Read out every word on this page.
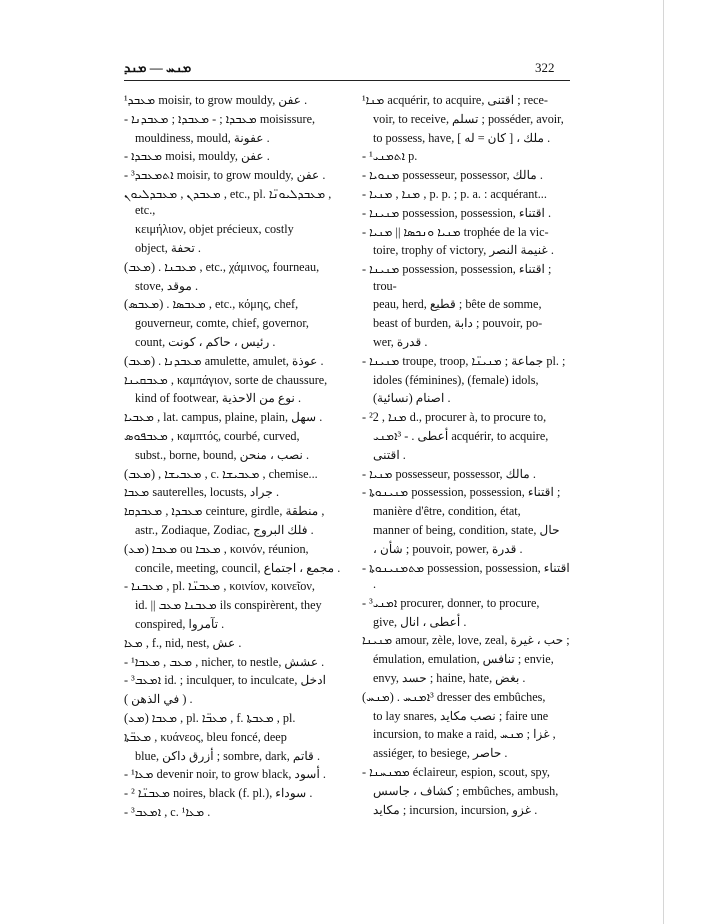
ܡܢܚ — ܡܢܕ	322
¹ܡܥܒܕ moisir, to grow mouldy, عفن .
- ܡܥܒܕܐ ; - ܡܥܒܕܐ ; ܡܥܒܕܢܐ moisissure,
mouldiness, mould, عفونة .
- ܡܥܒܕܐ moisi, mouldy, عفن .
- ³ܐܬܡܥܒܕ moisir, to grow mouldy, عفن .
ܡܥܒܕܢ , ܡܥܒܕܠܝܘܢ , etc., pl. ܡܥܒܕܠܝܘܢ̈ܐ , etc.,
κειμήλιον, objet précieux, costly
object, تحفة .
(ܡܥܒ) . ܡܥܒܢܐ , etc., χάμινος, fourneau,
stove, موقد .
(ܡܥܒܣ) . ܡܥܒܣܐ , etc., κόμης, chef,
gouverneur, comte, chief, governor,
count, رئيس ، حاكم ، كونت .
(ܡܥܒ) . ܡܥܒܕܢܐ amulette, amulet, عوذة .
ܡܥܒܩܝܢܐ , καμπάγιον, sorte de chaussure,
kind of footwear, نوع من الاحذية .
ܡܥܒܝܐ , lat. campus, plaine, plain, سهل .
ܡܥܒܦܘܣ , καμπτός, courbé, curved,
subst., borne, bound, نصب ، منحن .
(ܡܥܒ) , ܡܥܒܝܫܐ , c. ܡܥܒܝܫܐ , chemise...
ܡܥܒܐ sauterelles, locusts, جراد .
ܡܥܒܕܐ , ܡܥܒܕܩܐ ceinture, girdle, منطقة ,
astr., Zodiaque, Zodiac, فلك البروج .
(ܡܥ) ܡܥܒܐ ou ܡܥܒܐ , κοινόν, réunion,
concile, meeting, council, مجمع ، اجتماع .
- ܡܥܒܢܐ , pl. ܡܥܒܢ̈ܐ , κοινίον, κοινεῖον,
id. || ܡܥܒܢܐ ܡܥܒ ils conspirèrent, they
conspired, تآمروا .
ܡܥܐ , f., nid, nest, عش .
- ¹ܡܥܒ , ܡܥܒܐ , nicher, to nestle, عشش .
- ³ܐܡܥܒ id. ; inculquer, to inculcate, ادخل
( في الذهن ) .
(ܡܥ) ܡܥܒܐ , pl. ܡܥܒ̈ܐ , f. ܡܥܒܬܐ , pl.
ܡܥܒ̈ܬܐ , κυάνεος, bleu foncé, deep
blue, أزرق داكن ; sombre, dark, قاتم .
- ¹ܡܥܐ devenir noir, to grow black, أسود .
- ² ܡܥܒܢ̈ܐ noires, black (f. pl.), سوداء .
- ³ܐܡܥܒ , c. ¹ܡܥܐ .
¹ܡܢܐ acquérir, to acquire, اقتنى ; rece-
voir, to receive, تسلم ; posséder, avoir,
to possess, have, [ كان = له ] ، ملك .
- ¹ܐܬܡܢܝ p.
- ܡܢܘܝܐ possesseur, possessor, مالك .
- ܡܢܐ , ܡܢܝܐ , p. p. ; p. a. : acquérant...
- ܡܢܝܢܐ possession, possession, اقتناء .
- ܡܢܝܐ ܘܢܟܣܐ || ܡܢܝܐ trophée de la vic-
toire, trophy of victory, غنيمة النصر .
- ܡܢܝܢܐ possession, possession, اقتناء ; trou-
peau, herd, قطيع ; bête de somme,
beast of burden, دابة ; pouvoir, po-
wer, قدرة .
- ܡܢܝܢܐ troupe, troop, جماعة ; ܡܢܝܢ̈ܐ pl. ;
idoles (féminines), (female) idols,
اصنام (نسائية) .
- ²ܡܢܐ , 2 d., procurer à, to procure to,
أعطى . - ³ܐܡܢܝ acquérir, to acquire,
اقتنى .
- ܡܢܝܐ possesseur, possessor, مالك .
- ܡܢܝܢܘܬܐ possession, possession, اقتناء ;
manière d'être, condition, état,
manner of being, condition, state, حال
، شأن ; pouvoir, power, قدرة .
- ܡܬܡܢܝܢܘܬܐ possession, possession, اقتناء .
- ³ܐܡܢܝ procurer, donner, to procure,
give, أعطى ، انال .
ܡܢܝܢܐ amour, zèle, love, zeal, حب ، غيرة ;
émulation, emulation, تنافس ; envie,
envy, حسد ; haine, hate, بغض .
(ܡܢܚ) . ³ܐܡܢܚ dresser des embûches,
to lay snares, نصب مكايد ; faire une
incursion, to make a raid, غزا ; ܡܢܚ ,
assiéger, to besiege, حاصر .
- ܡܡܢܚܢܐ éclaireur, espion, scout, spy,
كشاف ، جاسس ; embûches, ambush,
مكايد ; incursion, incursion, غزو .
